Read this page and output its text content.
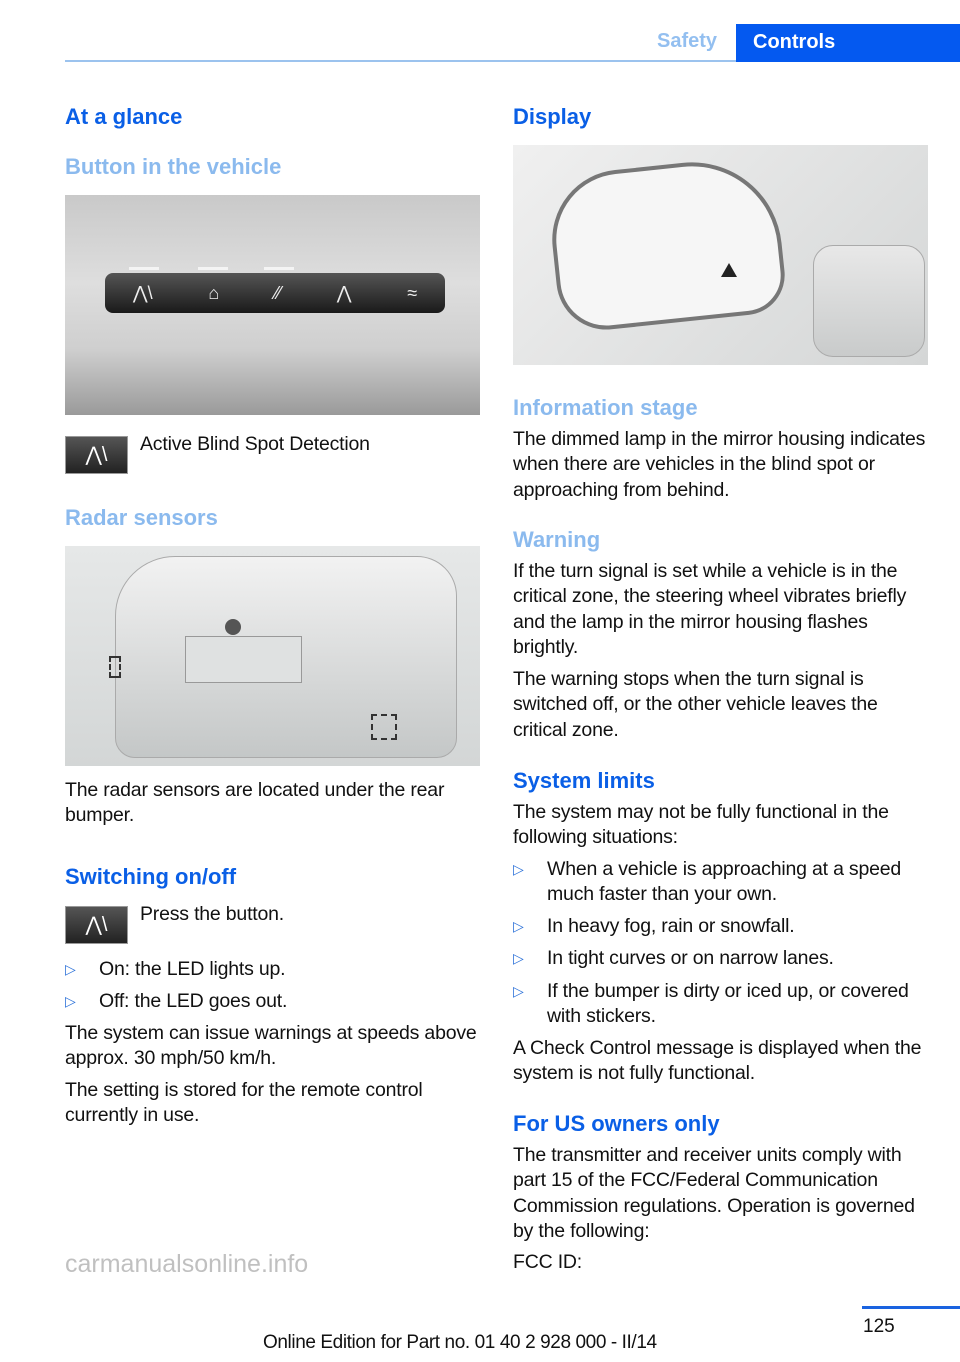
Safety	Controls
At a glance
Button in the vehicle
⋀\	⌂	⁄⁄	⋀	≈
⋀\	Active Blind Spot Detection
Radar sensors
The radar sensors are located under the rear bumper.
Switching on/off
⋀\	Press the button.
▷ On: the LED lights up.
▷ Off: the LED goes out.
The system can issue warnings at speeds above approx. 30 mph/50 km/h.
The setting is stored for the remote control currently in use.
Display
Information stage
The dimmed lamp in the mirror housing indicates when there are vehicles in the blind spot or approaching from behind.
Warning
If the turn signal is set while a vehicle is in the critical zone, the steering wheel vibrates briefly and the lamp in the mirror housing flashes brightly.
The warning stops when the turn signal is switched off, or the other vehicle leaves the critical zone.
System limits
The system may not be fully functional in the following situations:
▷ When a vehicle is approaching at a speed much faster than your own.
▷ In heavy fog, rain or snowfall.
▷ In tight curves or on narrow lanes.
▷ If the bumper is dirty or iced up, or covered with stickers.
A Check Control message is displayed when the system is not fully functional.
For US owners only
The transmitter and receiver units comply with part 15 of the FCC/Federal Communication Commission regulations. Operation is governed by the following:
FCC ID:
125
Online Edition for Part no. 01 40 2 928 000 - II/14
carmanualsonline.info
